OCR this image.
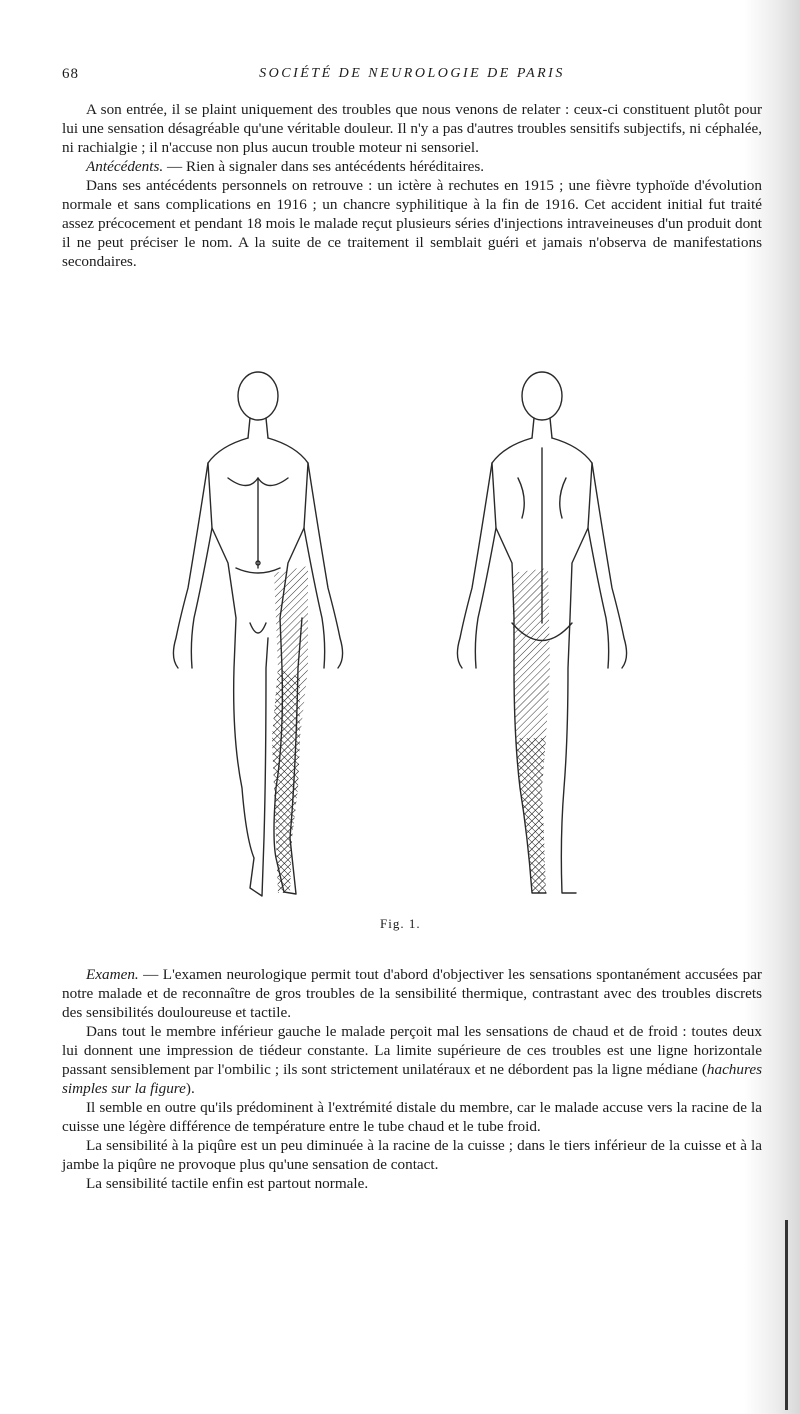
68	SOCIÉTÉ DE NEUROLOGIE DE PARIS

A son entrée, il se plaint uniquement des troubles que nous venons de relater : ceux-ci constituent plutôt pour lui une sensation désagréable qu'une véritable douleur. Il n'y a pas d'autres troubles sensitifs subjectifs, ni céphalée, ni rachialgie ; il n'accuse non plus aucun trouble moteur ni sensoriel.

Antécédents. — Rien à signaler dans ses antécédents héréditaires.

Dans ses antécédents personnels on retrouve : un ictère à rechutes en 1915 ; une fièvre typhoïde d'évolution normale et sans complications en 1916 ; un chancre syphilitique à la fin de 1916. Cet accident initial fut traité assez précocement et pendant 18 mois le malade reçut plusieurs séries d'injections intraveineuses d'un produit dont il ne peut préciser le nom. A la suite de ce traitement il semblait guéri et jamais n'observa de manifestations secondaires.

Fig. 1.

Examen. — L'examen neurologique permit tout d'abord d'objectiver les sensations spontanément accusées par notre malade et de reconnaître de gros troubles de la sensibilité thermique, contrastant avec des troubles discrets des sensibilités douloureuse et tactile.

Dans tout le membre inférieur gauche le malade perçoit mal les sensations de chaud et de froid : toutes deux lui donnent une impression de tiédeur constante. La limite supérieure de ces troubles est une ligne horizontale passant sensiblement par l'ombilic ; ils sont strictement unilatéraux et ne débordent pas la ligne médiane (hachures simples sur la figure).

Il semble en outre qu'ils prédominent à l'extrémité distale du membre, car le malade accuse vers la racine de la cuisse une légère différence de température entre le tube chaud et le tube froid.

La sensibilité à la piqûre est un peu diminuée à la racine de la cuisse ; dans le tiers inférieur de la cuisse et à la jambe la piqûre ne provoque plus qu'une sensation de contact.

La sensibilité tactile enfin est partout normale.
